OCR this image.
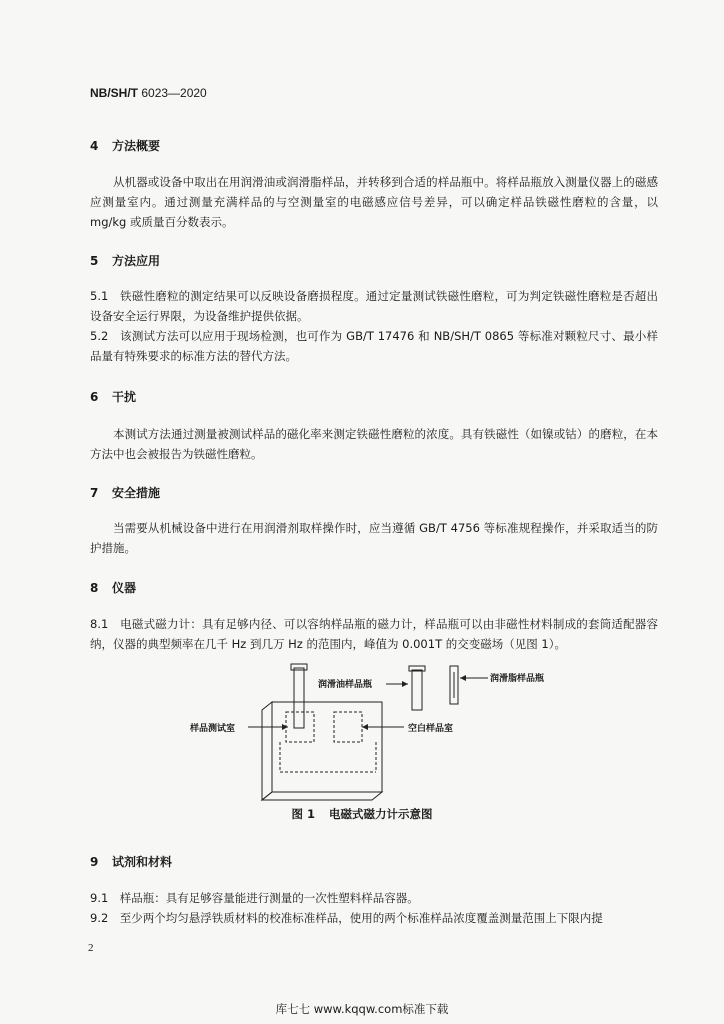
NB/SH/T 6023—2020
4 方法概要
从机器或设备中取出在用润滑油或润滑脂样品，并转移到合适的样品瓶中。将样品瓶放入测量仪器上的磁感应测量室内。通过测量充满样品的与空测量室的电磁感应信号差异，可以确定样品铁磁性磨粒的含量，以 mg/kg 或质量百分数表示。
5 方法应用
5.1　铁磁性磨粒的测定结果可以反映设备磨损程度。通过定量测试铁磁性磨粒，可为判定铁磁性磨粒是否超出设备安全运行界限，为设备维护提供依据。
5.2　该测试方法可以应用于现场检测，也可作为 GB/T 17476 和 NB/SH/T 0865 等标准对颗粒尺寸、最小样品量有特殊要求的标准方法的替代方法。
6 干扰
本测试方法通过测量被测试样品的磁化率来测定铁磁性磨粒的浓度。具有铁磁性（如镍或钴）的磨粒，在本方法中也会被报告为铁磁性磨粒。
7 安全措施
当需要从机械设备中进行在用润滑剂取样操作时，应当遵循 GB/T 4756 等标准规程操作，并采取适当的防护措施。
8 仪器
8.1　电磁式磁力计：具有足够内径、可以容纳样品瓶的磁力计，样品瓶可以由非磁性材料制成的套筒适配器容纳，仪器的典型频率在几千 Hz 到几万 Hz 的范围内，峰值为 0.001T 的交变磁场（见图 1）。
润滑油样品瓶
润滑脂样品瓶
样品测试室	空白样品室
图 1 电磁式磁力计示意图
9 试剂和材料
9.1　样品瓶：具有足够容量能进行测量的一次性塑料样品容器。
9.2　至少两个均匀悬浮铁质材料的校准标准样品，使用的两个标准样品浓度覆盖测量范围上下限内提
2
库七七 www.kqqw.com标准下载
